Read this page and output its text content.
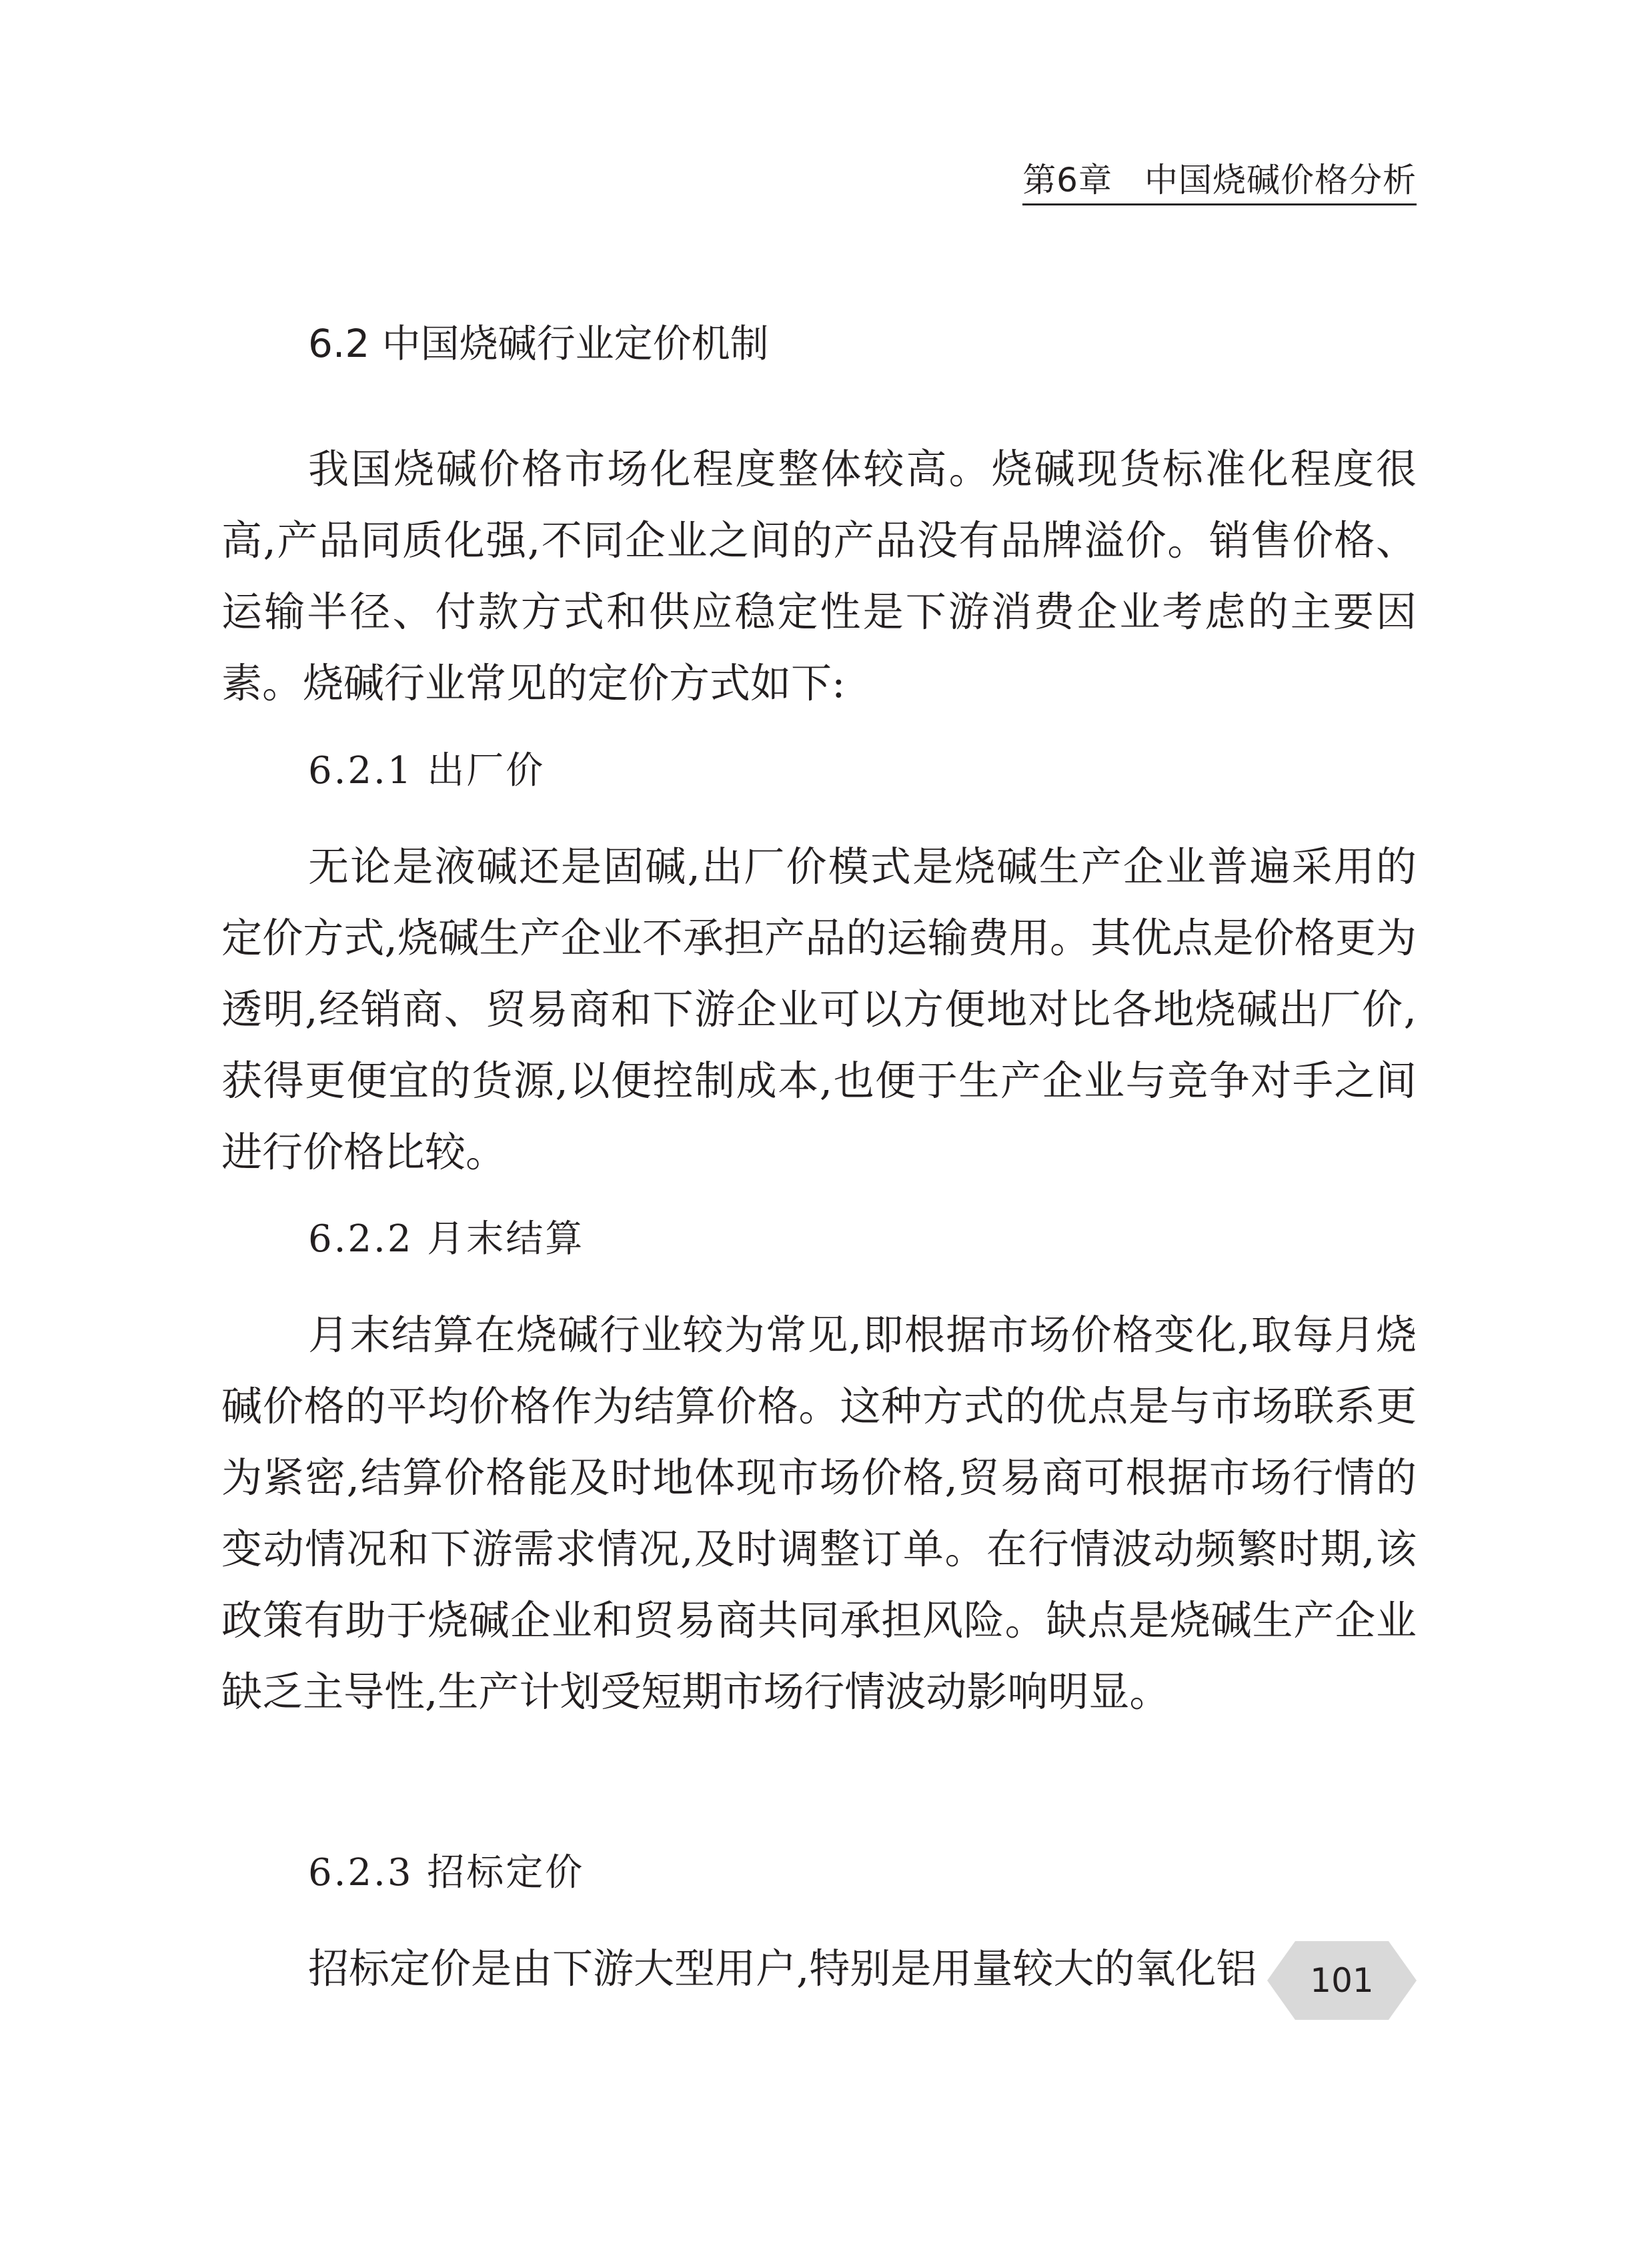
第6章 中国烧碱价格分析
6.2 中国烧碱行业定价机制

我国烧碱价格市场化程度整体较高。烧碱现货标准化程度很高,产品同质化强,不同企业之间的产品没有品牌溢价。销售价格、运输半径、付款方式和供应稳定性是下游消费企业考虑的主要因素。烧碱行业常见的定价方式如下:

6.2.1 出厂价

无论是液碱还是固碱,出厂价模式是烧碱生产企业普遍采用的定价方式,烧碱生产企业不承担产品的运输费用。其优点是价格更为透明,经销商、贸易商和下游企业可以方便地对比各地烧碱出厂价,获得更便宜的货源,以便控制成本,也便于生产企业与竞争对手之间进行价格比较。

6.2.2 月末结算

月末结算在烧碱行业较为常见,即根据市场价格变化,取每月烧碱价格的平均价格作为结算价格。这种方式的优点是与市场联系更为紧密,结算价格能及时地体现市场价格,贸易商可根据市场行情的变动情况和下游需求情况,及时调整订单。在行情波动频繁时期,该政策有助于烧碱企业和贸易商共同承担风险。缺点是烧碱生产企业缺乏主导性,生产计划受短期市场行情波动影响明显。

6.2.3 招标定价

招标定价是由下游大型用户,特别是用量较大的氧化铝	101
